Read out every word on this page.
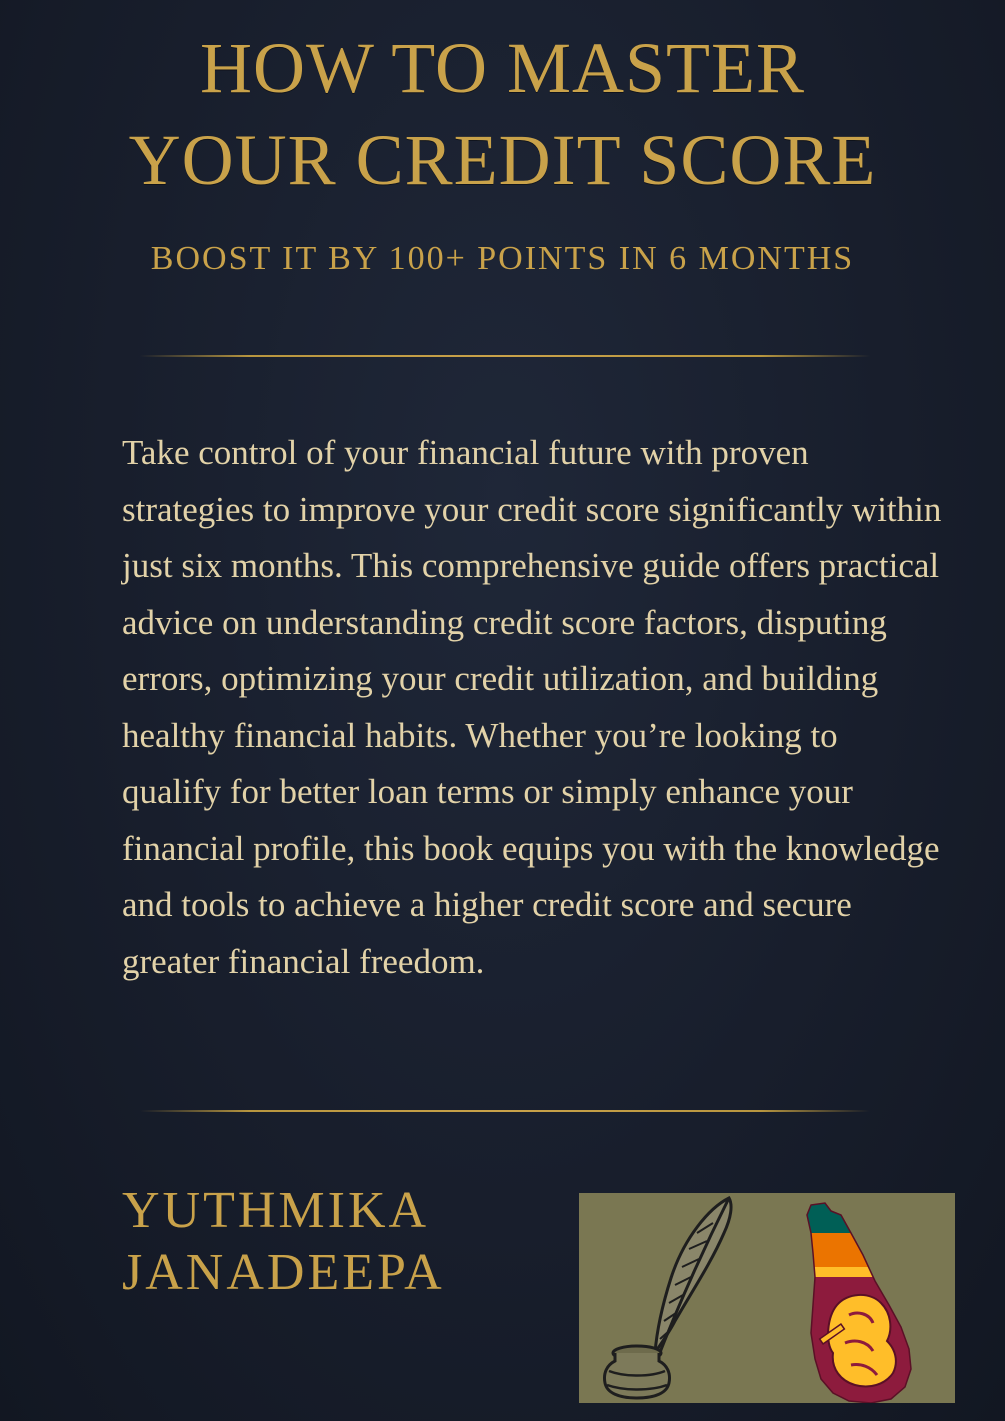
HOW TO MASTER
YOUR CREDIT SCORE

BOOST IT BY 100+ POINTS IN 6 MONTHS

Take control of your financial future with proven strategies to improve your credit score significantly within just six months. This comprehensive guide offers practical advice on understanding credit score factors, disputing errors, optimizing your credit utilization, and building healthy financial habits. Whether you’re looking to qualify for better loan terms or simply enhance your financial profile, this book equips you with the knowledge and tools to achieve a higher credit score and secure greater financial freedom.

YUTHMIKA
JANADEEPA
